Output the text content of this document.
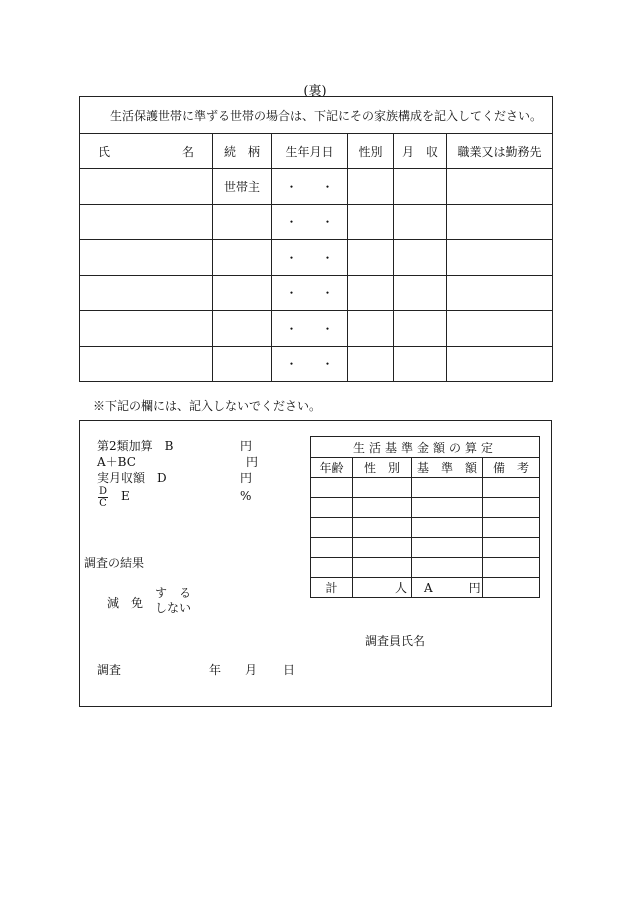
(裏)
生活保護世帯に準ずる世帯の場合は、下記にその家族構成を記入してください。					
氏　　　　　　名	続　柄	生年月日	性別	月　収	職業又は勤務先
	世帯主	・ ・			
		・ ・			
		・ ・			
		・ ・			
		・ ・			
		・ ・			
※下記の欄には、記入しないでください。
第2類加算　B	円
A＋BC	円
実月収額　D	円
D
C
E	%
調査の結果
減　免
す　る
しない
調査員氏名
調査	年 月 日
生活基準金額の算定			
年齢	性　別	基　準　額	備　考

計	人	A 円	
